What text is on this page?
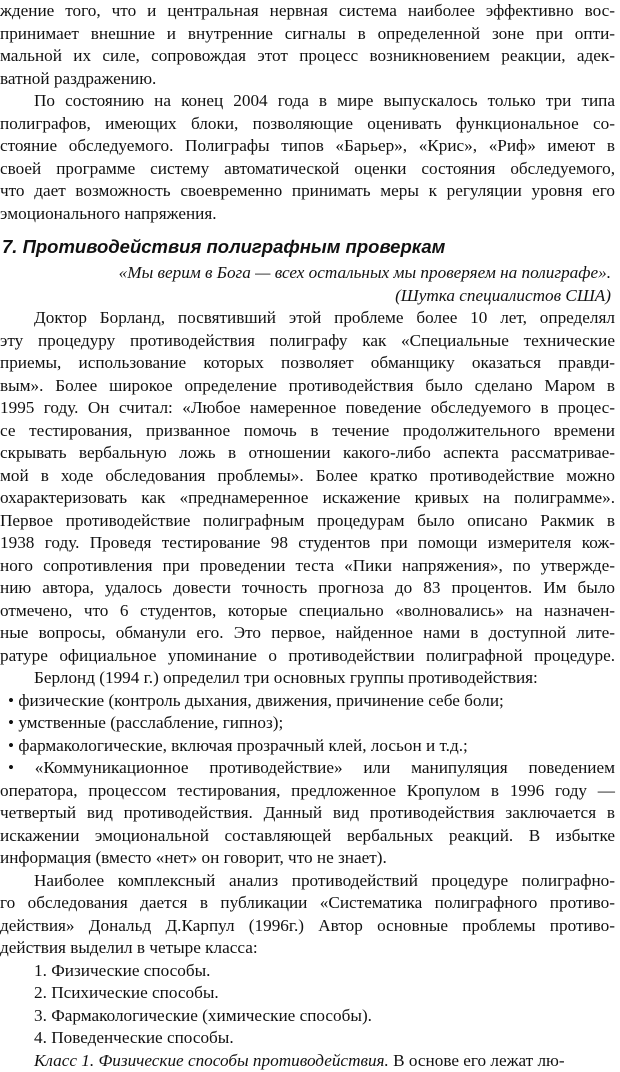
ждение того, что и центральная нервная система наиболее эффективно вос-
принимает внешние и внутренние сигналы в определенной зоне при опти-
мальной их силе, сопровождая этот процесс возникновением реакции, адек-
ватной раздражению.
По состоянию на конец 2004 года в мире выпускалось только три типа
полиграфов, имеющих блоки, позволяющие оценивать функциональное со-
стояние обследуемого. Полиграфы типов «Барьер», «Крис», «Риф» имеют в
своей программе систему автоматической оценки состояния обследуемого,
что дает возможность своевременно принимать меры к регуляции уровня его
эмоционального напряжения.
7. Противодействия полиграфным проверкам
«Мы верим в Бога — всех остальных мы проверяем на полиграфе».
(Шутка специалистов США)
Доктор Борланд, посвятивший этой проблеме более 10 лет, определял
эту процедуру противодействия полиграфу как «Специальные технические
приемы, использование которых позволяет обманщику оказаться правди-
вым». Более широкое определение противодействия было сделано Маром в
1995 году. Он считал: «Любое намеренное поведение обследуемого в процес-
се тестирования, призванное помочь в течение продолжительного времени
скрывать вербальную ложь в отношении какого-либо аспекта рассматривае-
мой в ходе обследования проблемы». Более кратко противодействие можно
охарактеризовать как «преднамеренное искажение кривых на полиграмме».
Первое противодействие полиграфным процедурам было описано Ракмик в
1938 году. Проведя тестирование 98 студентов при помощи измерителя кож-
ного сопротивления при проведении теста «Пики напряжения», по утвержде-
нию автора, удалось довести точность прогноза до 83 процентов. Им было
отмечено, что 6 студентов, которые специально «волновались» на назначен-
ные вопросы, обманули его. Это первое, найденное нами в доступной лите-
ратуре официальное упоминание о противодействии полиграфной процедуре.
Берлонд (1994 г.) определил три основных группы противодействия:
• физические (контроль дыхания, движения, причинение себе боли;
• умственные (расслабление, гипноз);
• фармакологические, включая прозрачный клей, лосьон и т.д.;
• «Коммуникационное противодействие» или манипуляция поведением
оператора, процессом тестирования, предложенное Кропулом в 1996 году —
четвертый вид противодействия. Данный вид противодействия заключается в
искажении эмоциональной составляющей вербальных реакций. В избытке
информация (вместо «нет» он говорит, что не знает).
Наиболее комплексный анализ противодействий процедуре полиграфно-
го обследования дается в публикации «Систематика полиграфного противо-
действия» Дональд Д.Карпул (1996г.) Автор основные проблемы противо-
действия выделил в четыре класса:
1. Физические способы.
2. Психические способы.
3. Фармакологические (химические способы).
4. Поведенческие способы.
Класс 1. Физические способы противодействия. В основе его лежат лю-
